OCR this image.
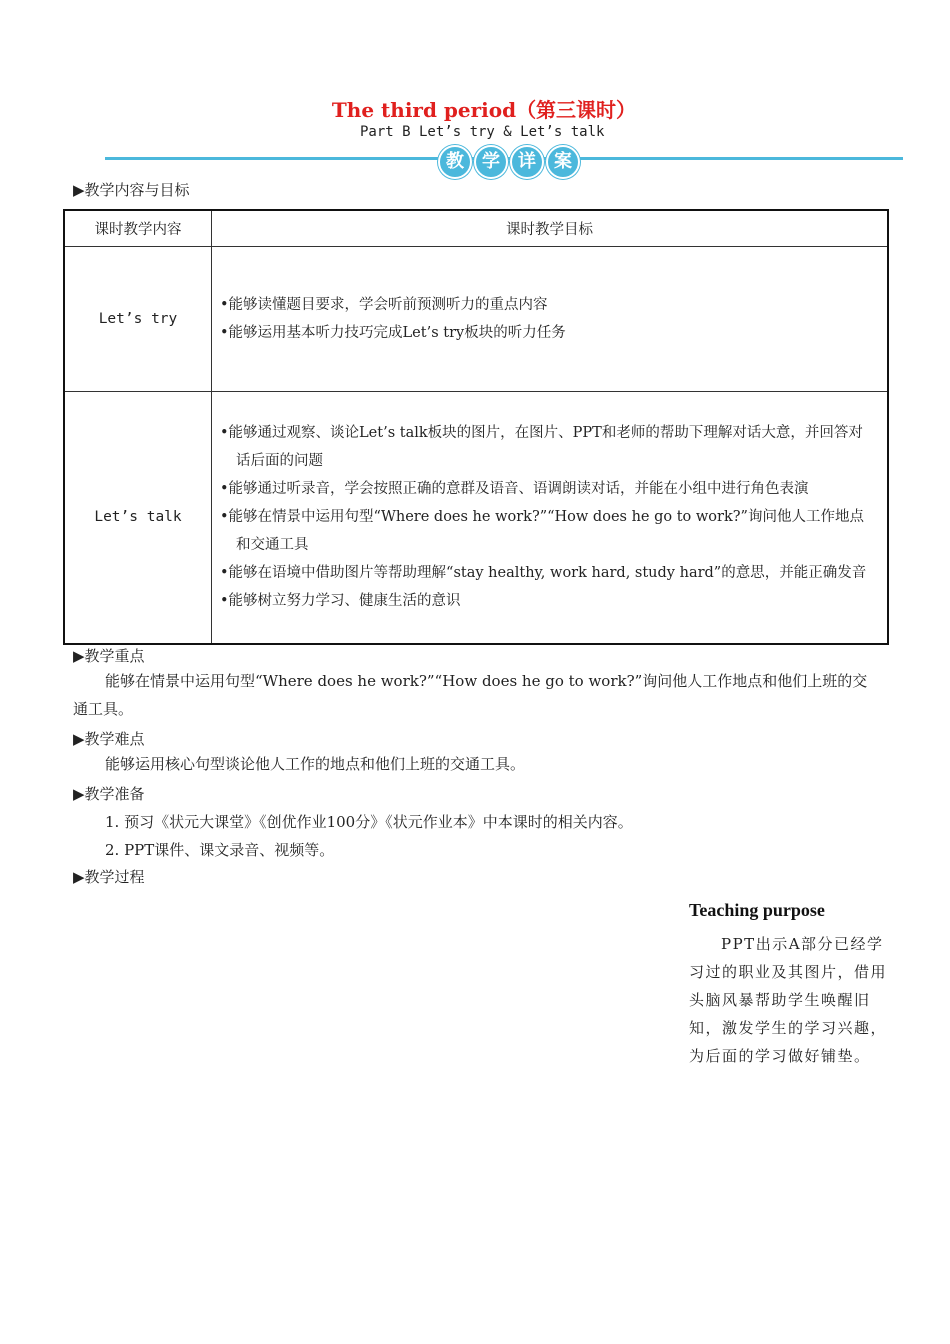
The third period（第三课时）
Part B Let’s try & Let’s talk
教	学	详	案
▶教学内容与目标
课时教学内容	课时教学目标
Let’s try	•能够读懂题目要求，学会听前预测听力的重点内容
•能够运用基本听力技巧完成Let’s try板块的听力任务

Let’s talk	•能够通过观察、谈论Let’s talk板块的图片，在图片、PPT和老师的帮助下理解对话大意，并回答对话后面的问题
•能够通过听录音，学会按照正确的意群及语音、语调朗读对话，并能在小组中进行角色表演
•能够在情景中运用句型“Where does he work?”“How does he go to work?”询问他人工作地点和交通工具
•能够在语境中借助图片等帮助理解“stay healthy, work hard, study hard”的意思，并能正确发音
•能够树立努力学习、健康生活的意识
▶教学重点
能够在情景中运用句型“Where does he work?”“How does he go to work?”询问他人工作地点和他们上班的交通工具。
▶教学难点
能够运用核心句型谈论他人工作的地点和他们上班的交通工具。
▶教学准备
1. 预习《状元大课堂》《创优作业100分》《状元作业本》中本课时的相关内容。
2. PPT课件、课文录音、视频等。
▶教学过程
Teaching purpose
PPT出示A部分已经学习过的职业及其图片，借用头脑风暴帮助学生唤醒旧知，激发学生的学习兴趣，为后面的学习做好铺垫。
